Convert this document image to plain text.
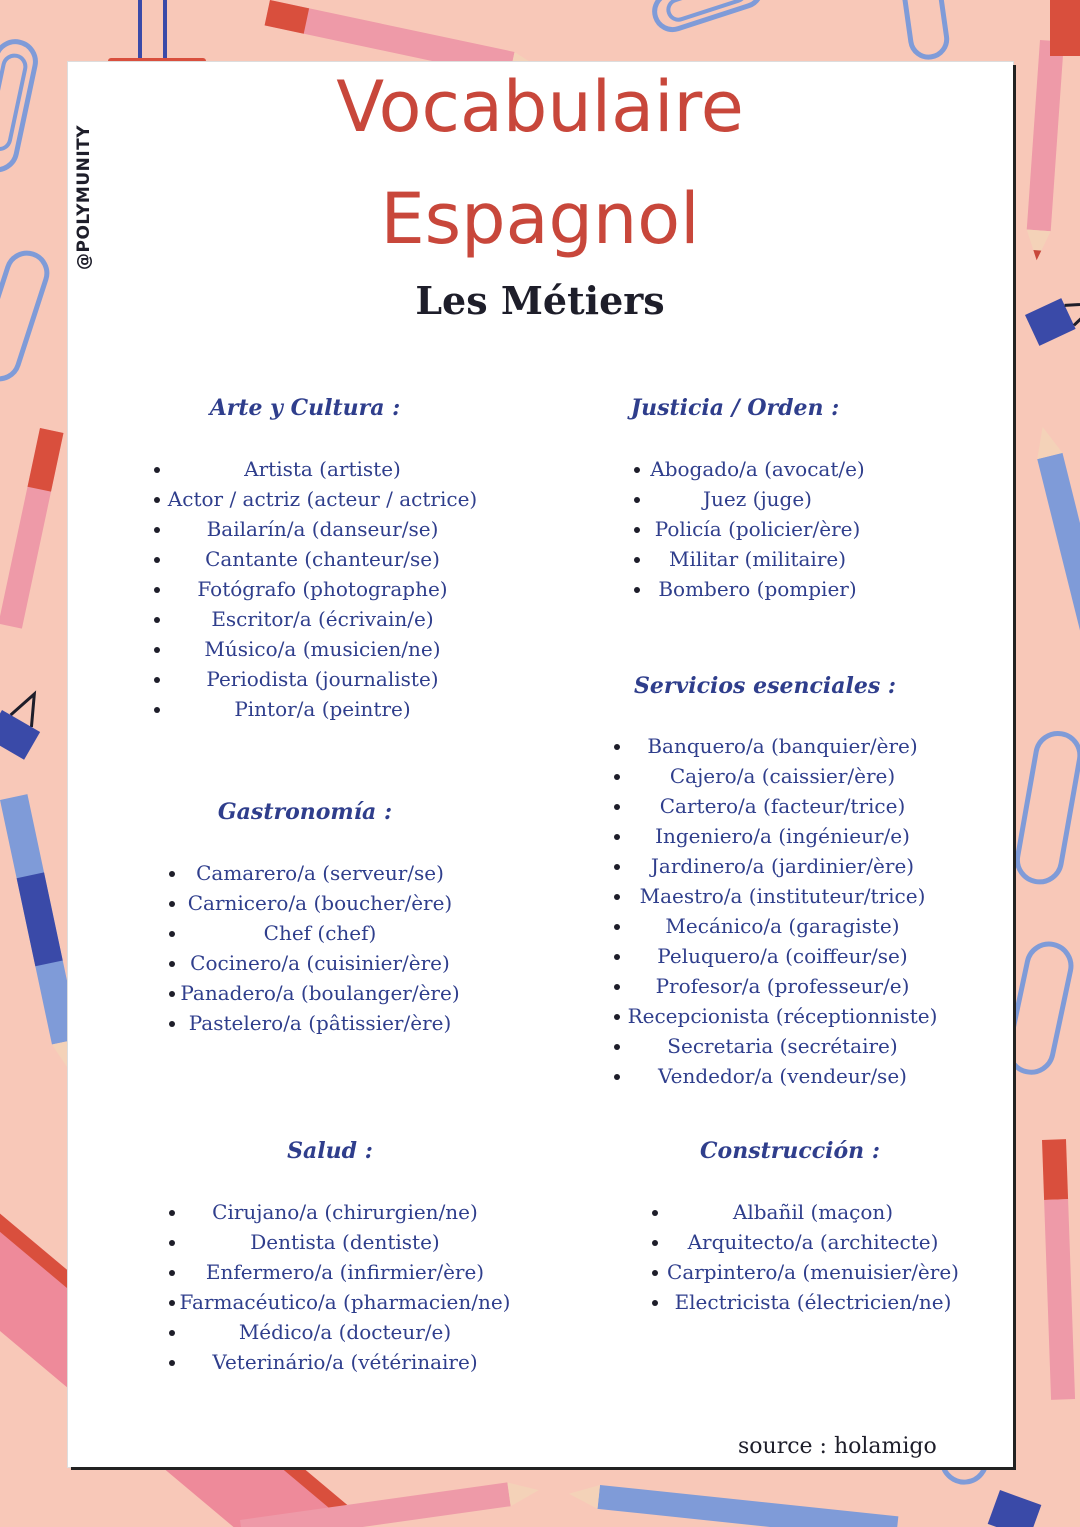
@POLYMUNITY
Vocabulaire
Espagnol
Les Métiers
Arte y Cultura :
Artista (artiste)
Actor / actriz (acteur / actrice)
Bailarín/a (danseur/se)
Cantante (chanteur/se)
Fotógrafo (photographe)
Escritor/a (écrivain/e)
Músico/a (musicien/ne)
Periodista (journaliste)
Pintor/a (peintre)
Justicia / Orden :
Abogado/a (avocat/e)
Juez (juge)
Policía (policier/ère)
Militar (militaire)
Bombero (pompier)
Servicios esenciales :
Banquero/a (banquier/ère)
Cajero/a (caissier/ère)
Cartero/a (facteur/trice)
Ingeniero/a (ingénieur/e)
Jardinero/a (jardinier/ère)
Maestro/a (instituteur/trice)
Mecánico/a (garagiste)
Peluquero/a (coiffeur/se)
Profesor/a (professeur/e)
Recepcionista (réceptionniste)
Secretaria (secrétaire)
Vendedor/a (vendeur/se)
Gastronomía :
Camarero/a (serveur/se)
Carnicero/a (boucher/ère)
Chef (chef)
Cocinero/a (cuisinier/ère)
Panadero/a (boulanger/ère)
Pastelero/a (pâtissier/ère)
Salud :
Cirujano/a (chirurgien/ne)
Dentista (dentiste)
Enfermero/a (infirmier/ère)
Farmacéutico/a (pharmacien/ne)
Médico/a (docteur/e)
Veterinário/a (vétérinaire)
Construcción :
Albañil (maçon)
Arquitecto/a (architecte)
Carpintero/a (menuisier/ère)
Electricista (électricien/ne)
source : holamigo
